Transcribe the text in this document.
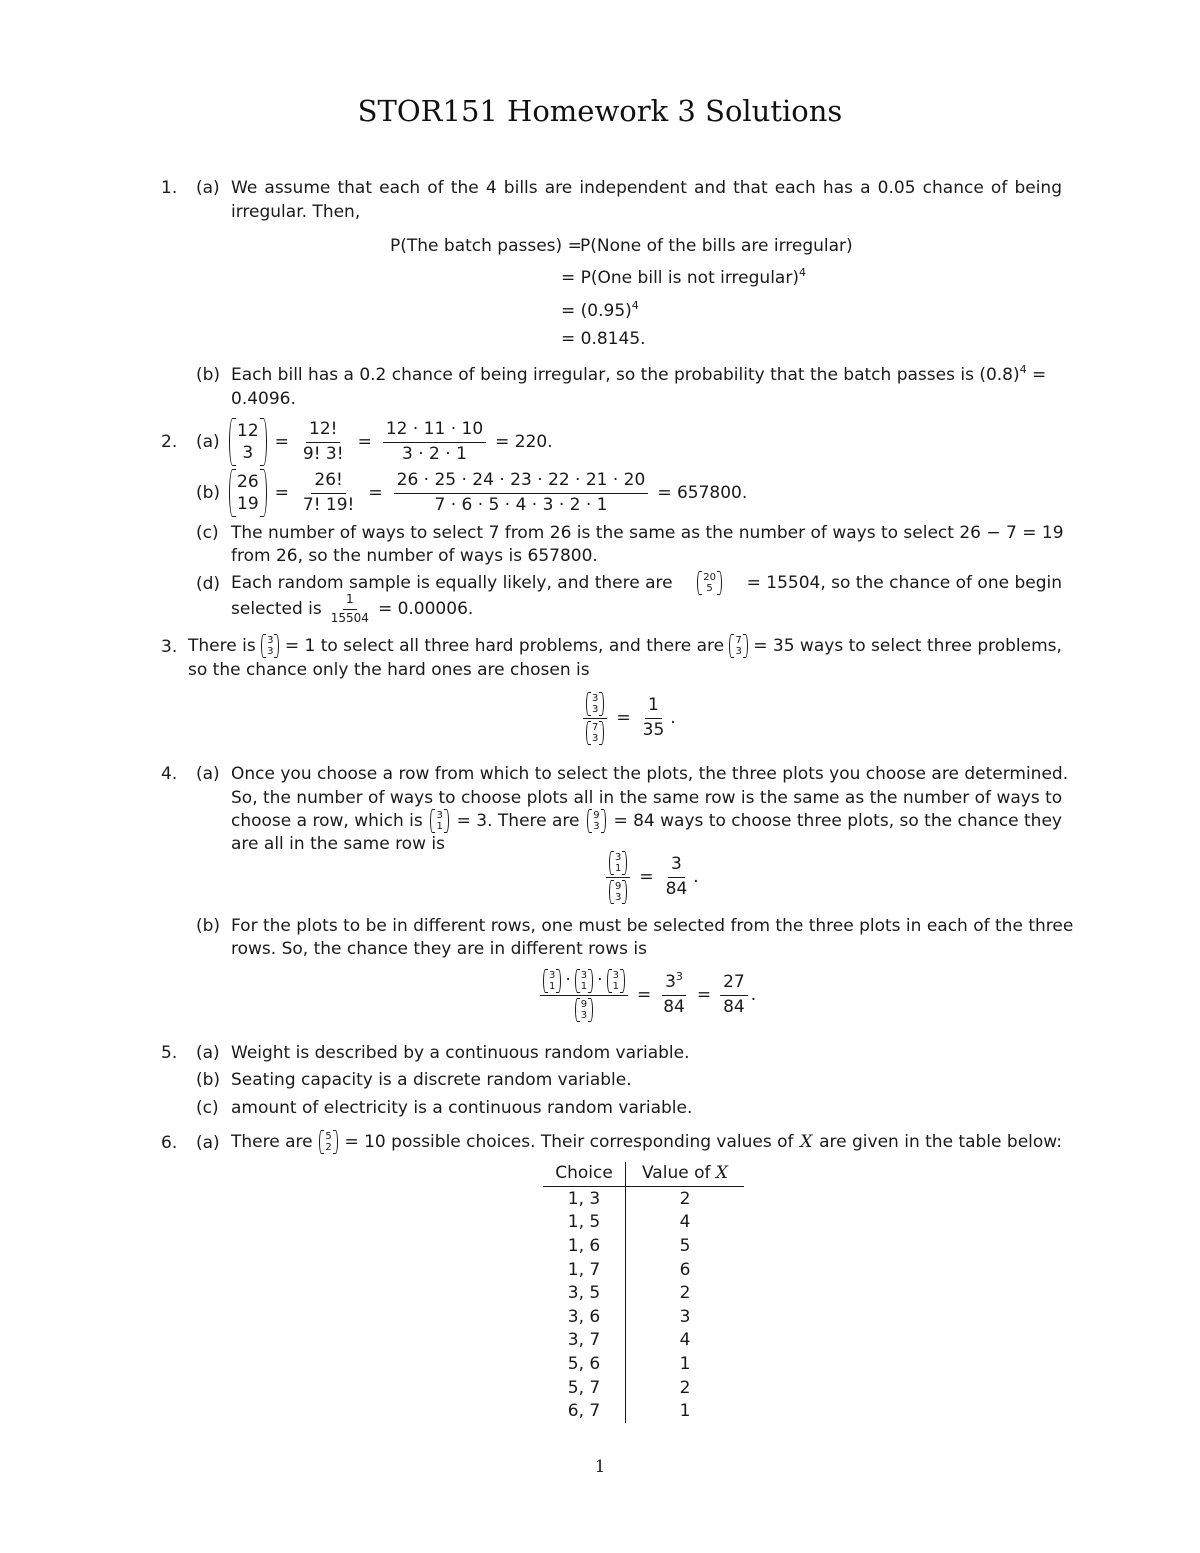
STOR151 Homework 3 Solutions
1. (a) We assume that each of the 4 bills are independent and that each has a 0.05 chance of being
irregular. Then,
P(The batch passes) =
P(None of the bills are irregular)
= P(One bill is not irregular)$^4$
= $(0.95)^4$
= 0.8145.
(b) Each bill has a 0.2 chance of being irregular, so the probability that the batch passes is $(0.8)^4$ =
0.4096.
2. (a)
12
3
= $\frac{12!}{9! 3!} = \frac{12 \cdot 11 \cdot 10}{3 \cdot 2 \cdot 1} = 220$.
(b)
26
19
= $\frac{26!}{7! 19!} = \frac{26 \cdot 25 \cdot 24 \cdot 23 \cdot 22 \cdot 21 \cdot 20}{7 \cdot 6 \cdot 5 \cdot 4 \cdot 3 \cdot 2 \cdot 1} = 657800$.
(c) The number of ways to select 7 from 26 is the same as the number of ways to select 26 − 7 = 19
from 26, so the number of ways is 657800.
(d) Each random sample is equally likely, and there are	20
5 = 15504, so the chance of one begin
selected is $\frac{1}{15504} = 0.00006$.
3. There is 3
3 = 1 to select all three hard problems, and there are 7
3 = 35 ways to select three problems,
so the chance only the hard ones are chosen is
3
3
7
$3 = \frac{1}{35}$ .
4. (a) Once you choose a row from which to select the plots, the three plots you choose are determined.
So, the number of ways to choose plots all in the same row is the same as the number of ways to
choose a row, which is 3
1 = 3. There are 9
3 = 84 ways to choose three plots, so the chance they
are all in the same row is
3
1
9
$3 = \frac{3}{84}$ .
(b) For the plots to be in different rows, one must be selected from the three plots in each of the three
rows. So, the chance they are in different rows is
3
1 · 3
1 · 3
1
9
$3 = \frac{3^3}{84} = \frac{27}{84}$ .
5. (a) Weight is described by a continuous random variable.
(b) Seating capacity is a discrete random variable.
(c) amount of electricity is a continuous random variable.
6. (a) There are 5
2 = 10 possible choices. Their corresponding values of X are given in the table below:
Choice	Value of X
1, 3	2
1, 5	4
1, 6	5
1, 7	6
3, 5	2
3, 6	3
3, 7	4
5, 6	1
5, 7	2
6, 7	1
1
